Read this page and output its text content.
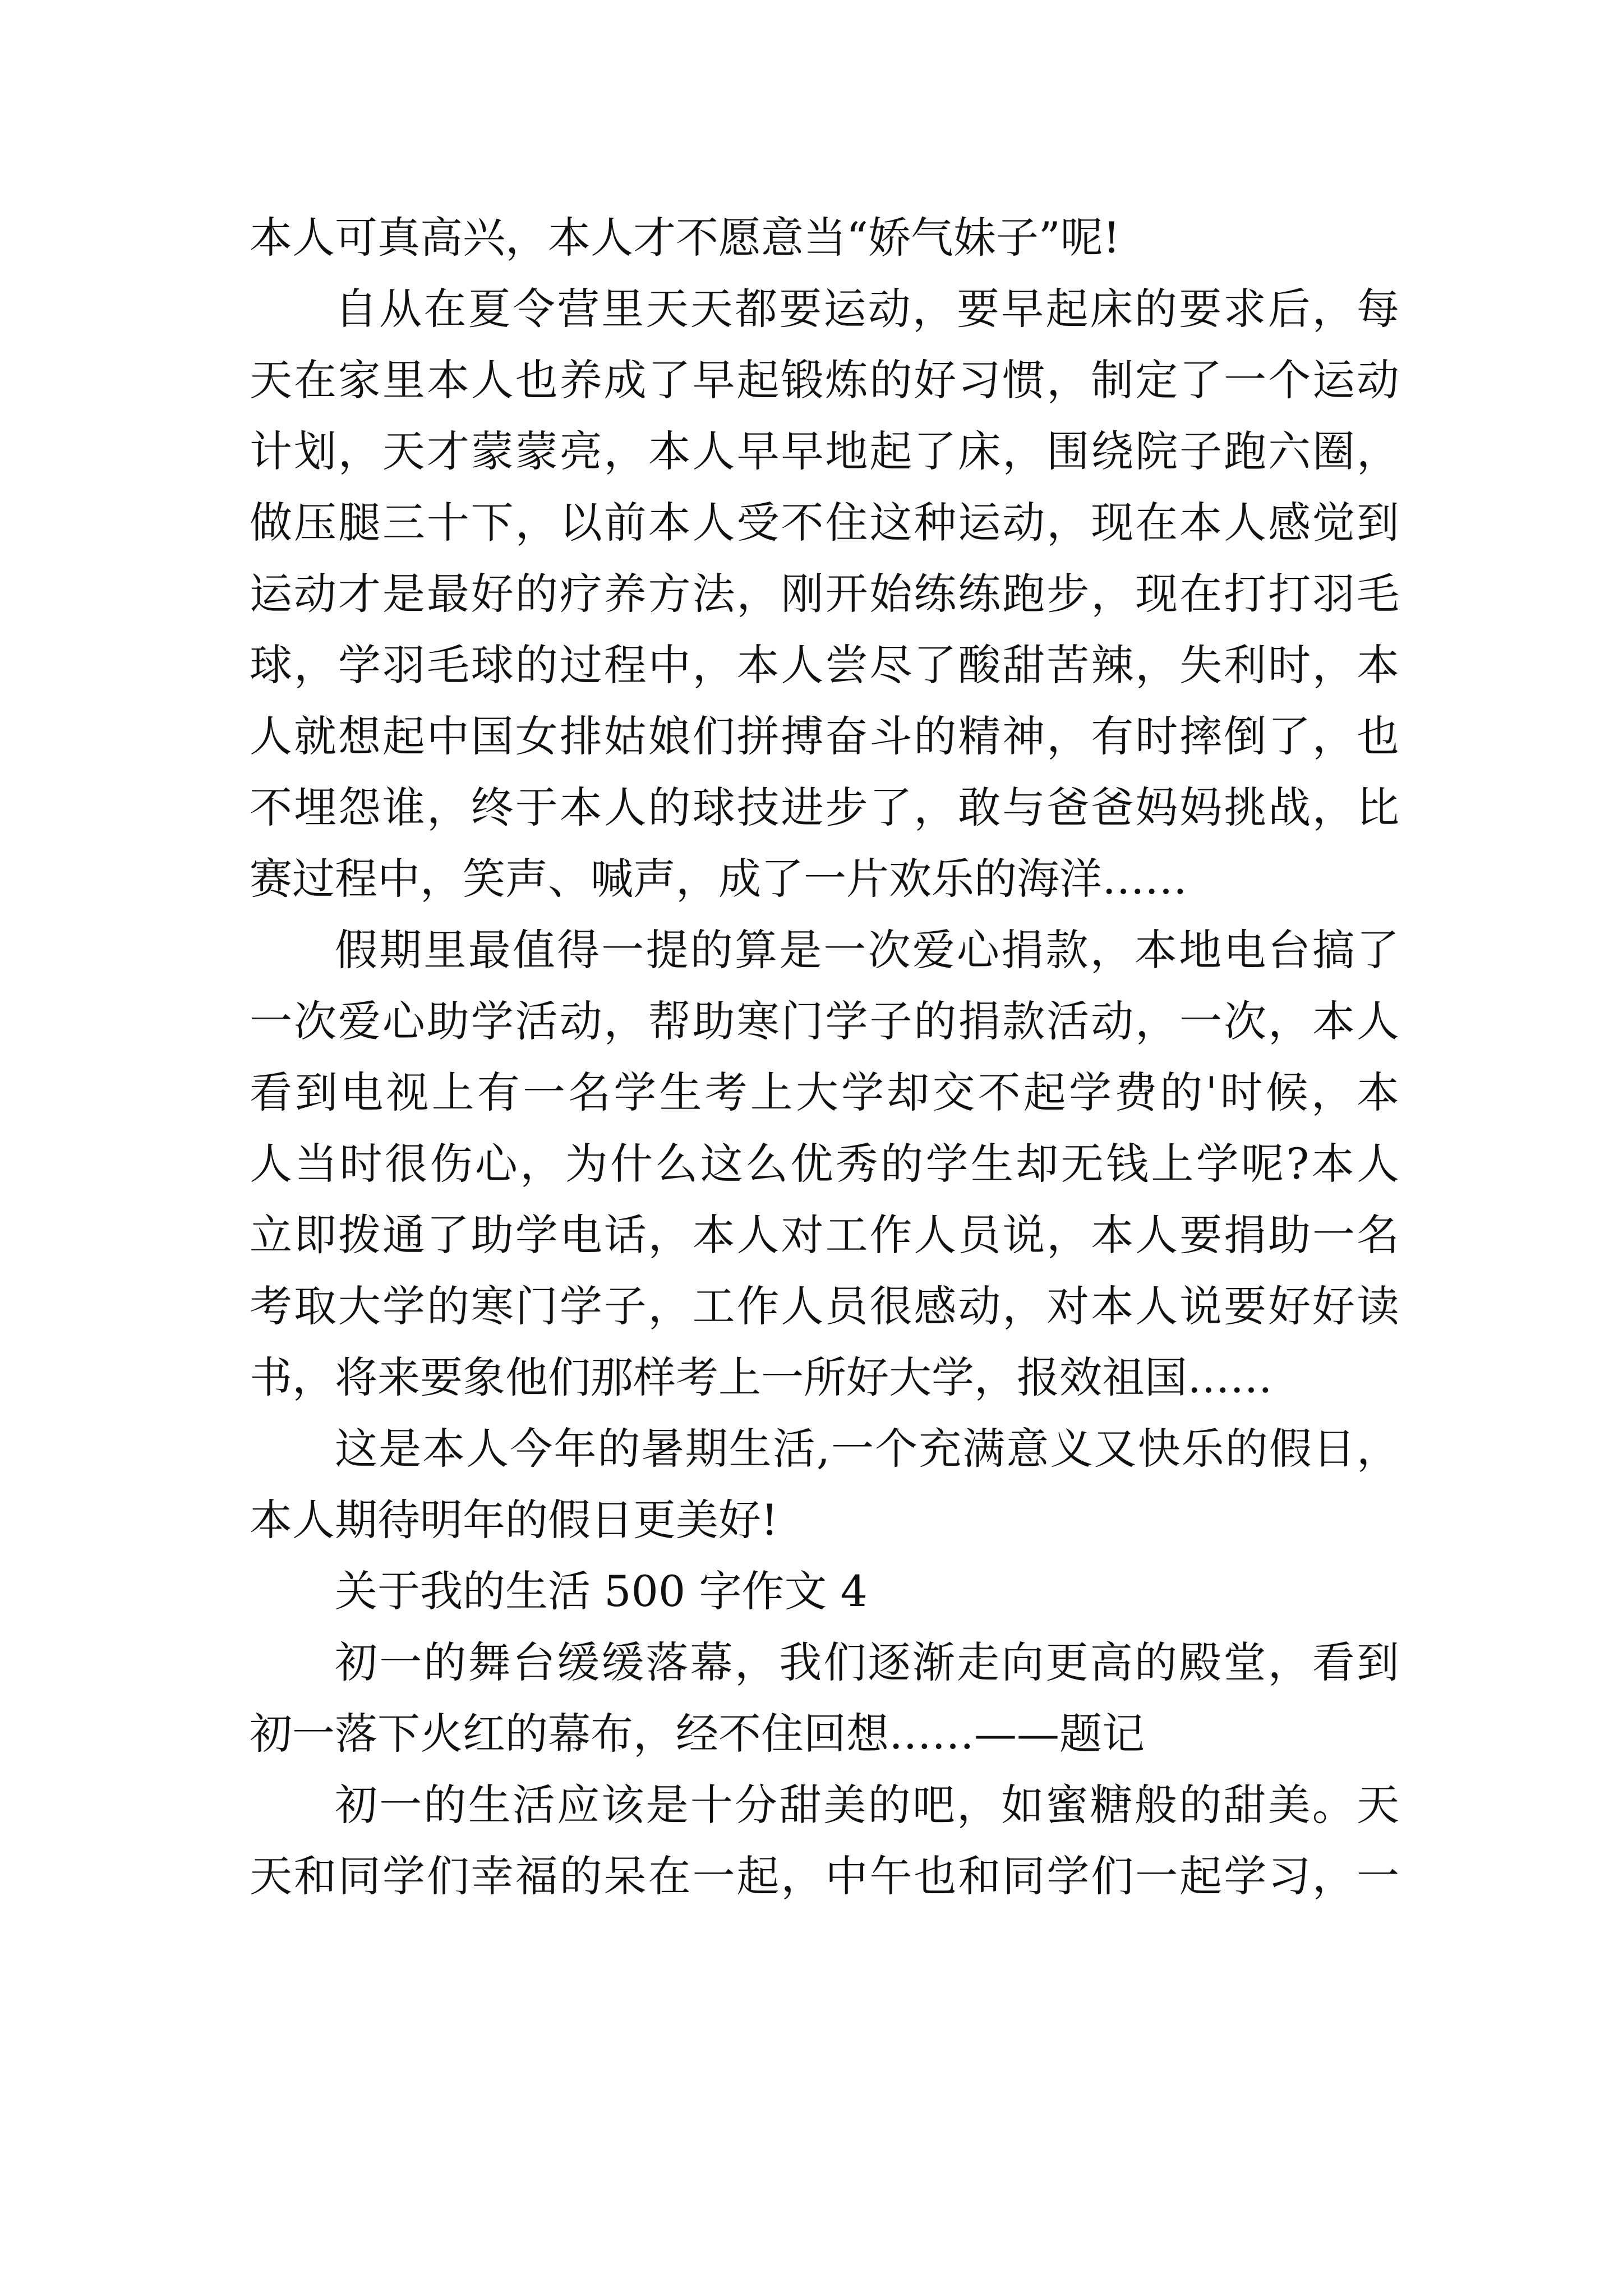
本人可真高兴，本人才不愿意当“娇气妹子”呢!
自从在夏令营里天天都要运动，要早起床的要求后，每
天在家里本人也养成了早起锻炼的好习惯，制定了一个运动
计划，天才蒙蒙亮，本人早早地起了床，围绕院子跑六圈，
做压腿三十下，以前本人受不住这种运动，现在本人感觉到
运动才是最好的疗养方法，刚开始练练跑步，现在打打羽毛
球，学羽毛球的过程中，本人尝尽了酸甜苦辣，失利时，本
人就想起中国女排姑娘们拼搏奋斗的精神，有时摔倒了，也
不埋怨谁，终于本人的球技进步了，敢与爸爸妈妈挑战，比
赛过程中，笑声、喊声，成了一片欢乐的海洋……
假期里最值得一提的算是一次爱心捐款，本地电台搞了
一次爱心助学活动，帮助寒门学子的捐款活动，一次，本人
看到电视上有一名学生考上大学却交不起学费的'时候，本
人当时很伤心，为什么这么优秀的学生却无钱上学呢?本人
立即拨通了助学电话，本人对工作人员说，本人要捐助一名
考取大学的寒门学子，工作人员很感动，对本人说要好好读
书，将来要象他们那样考上一所好大学，报效祖国……
这是本人今年的暑期生活,一个充满意义又快乐的假日，
本人期待明年的假日更美好!
关于我的生活 500 字作文 4
初一的舞台缓缓落幕，我们逐渐走向更高的殿堂，看到
初一落下火红的幕布，经不住回想……——题记
初一的生活应该是十分甜美的吧，如蜜糖般的甜美。天
天和同学们幸福的呆在一起，中午也和同学们一起学习，一
